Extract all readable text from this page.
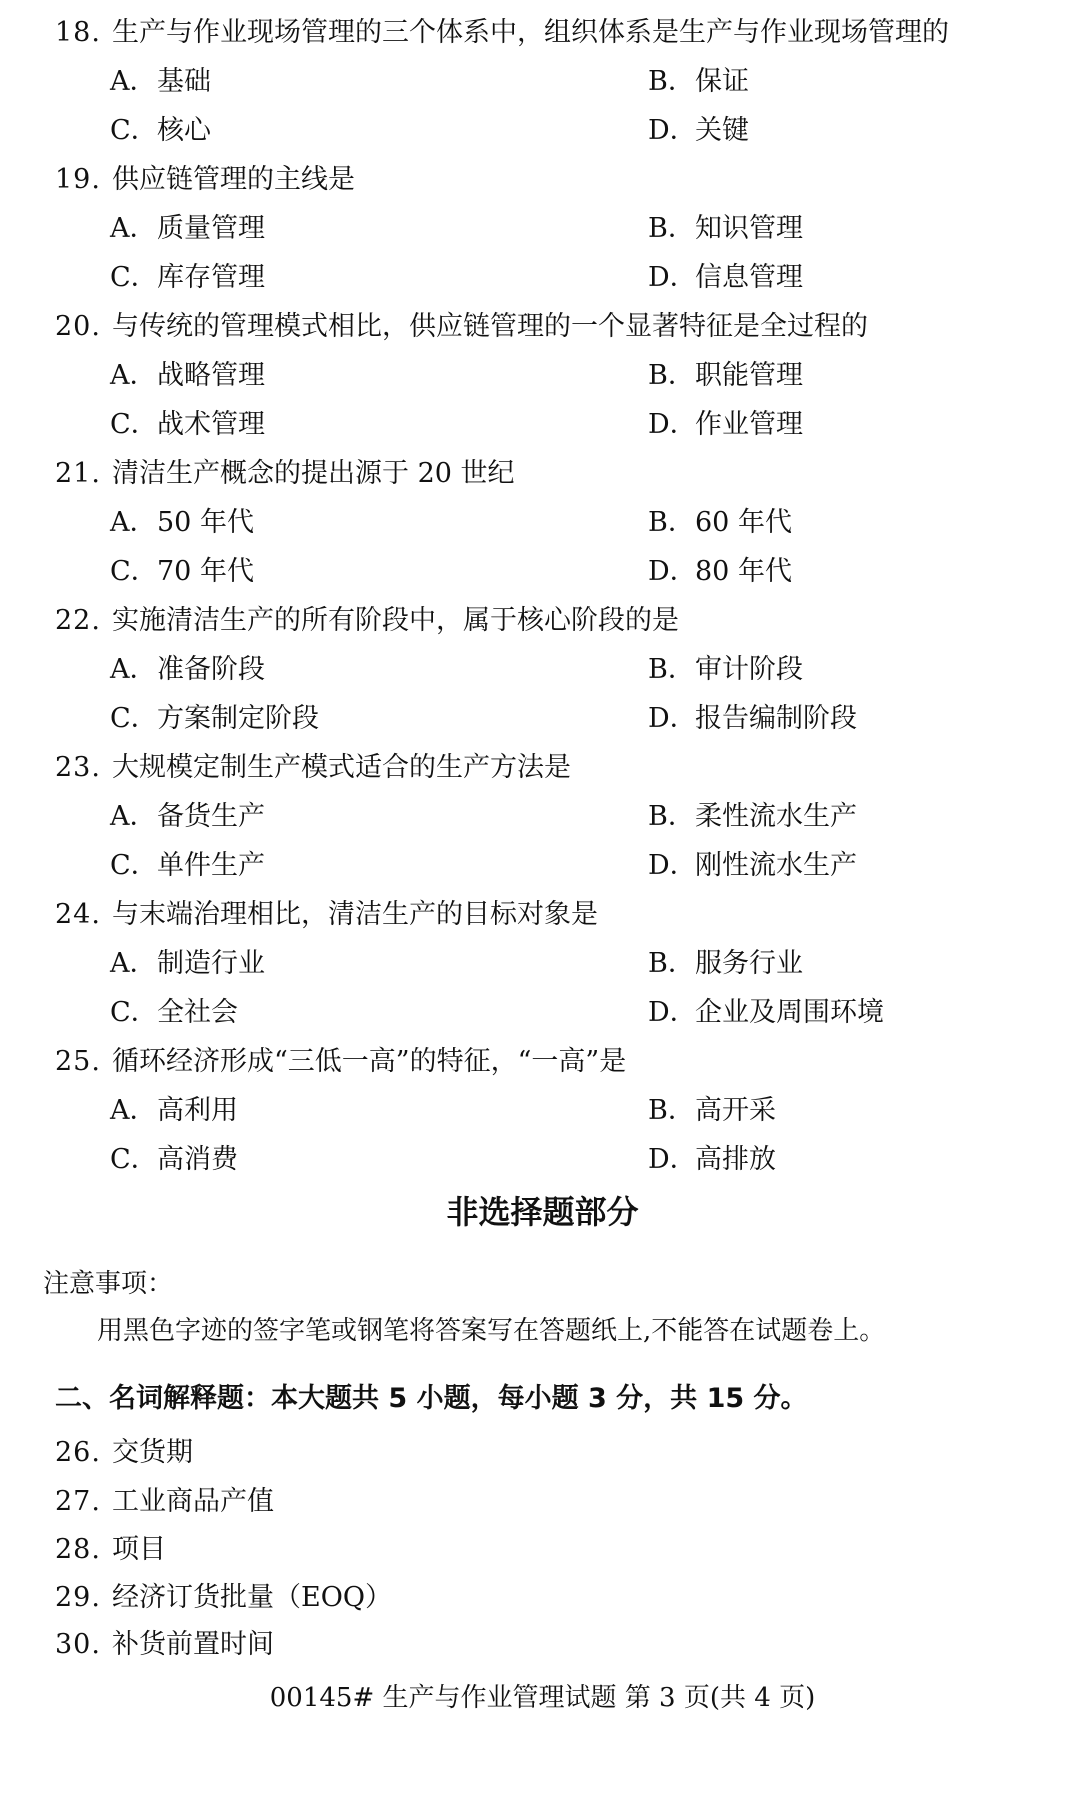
18. 生产与作业现场管理的三个体系中，组织体系是生产与作业现场管理的
A．基础	B．保证
C．核心	D．关键
19. 供应链管理的主线是
A．质量管理	B．知识管理
C．库存管理	D．信息管理
20. 与传统的管理模式相比，供应链管理的一个显著特征是全过程的
A．战略管理	B．职能管理
C．战术管理	D．作业管理
21. 清洁生产概念的提出源于 20 世纪
A．50 年代	B．60 年代
C．70 年代	D．80 年代
22. 实施清洁生产的所有阶段中，属于核心阶段的是
A．准备阶段	B．审计阶段
C．方案制定阶段	D．报告编制阶段
23. 大规模定制生产模式适合的生产方法是
A．备货生产	B．柔性流水生产
C．单件生产	D．刚性流水生产
24. 与末端治理相比，清洁生产的目标对象是
A．制造行业	B．服务行业
C．全社会	D．企业及周围环境
25. 循环经济形成“三低一高”的特征，“一高”是
A．高利用	B．高开采
C．高消费	D．高排放
非选择题部分
注意事项：
用黑色字迹的签字笔或钢笔将答案写在答题纸上,不能答在试题卷上。
二、名词解释题：本大题共 5 小题，每小题 3 分，共 15 分。
26. 交货期
27. 工业商品产值
28. 项目
29. 经济订货批量（EOQ）
30. 补货前置时间
00145# 生产与作业管理试题 第 3 页(共 4 页)
